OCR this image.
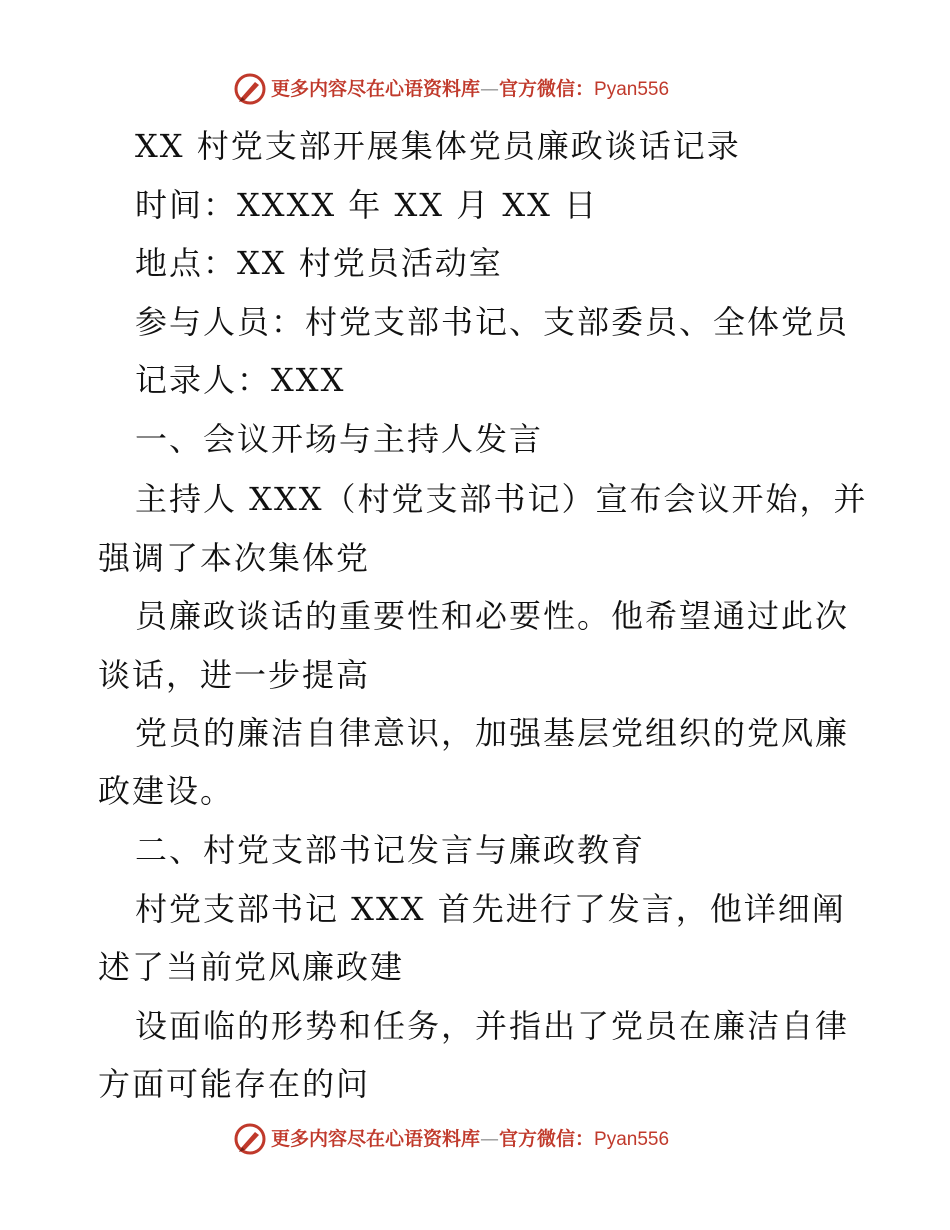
更多内容尽在心语资料库—官方微信：Pyan556
XX 村党支部开展集体党员廉政谈话记录
时间：XXXX 年 XX 月 XX 日
地点：XX 村党员活动室
参与人员：村党支部书记、支部委员、全体党员
记录人：XXX
一、会议开场与主持人发言
主持人 XXX（村党支部书记）宣布会议开始，并
强调了本次集体党
员廉政谈话的重要性和必要性。他希望通过此次
谈话，进一步提高
党员的廉洁自律意识，加强基层党组织的党风廉
政建设。
二、村党支部书记发言与廉政教育
村党支部书记 XXX 首先进行了发言，他详细阐
述了当前党风廉政建
设面临的形势和任务，并指出了党员在廉洁自律
方面可能存在的问
更多内容尽在心语资料库—官方微信：Pyan556
